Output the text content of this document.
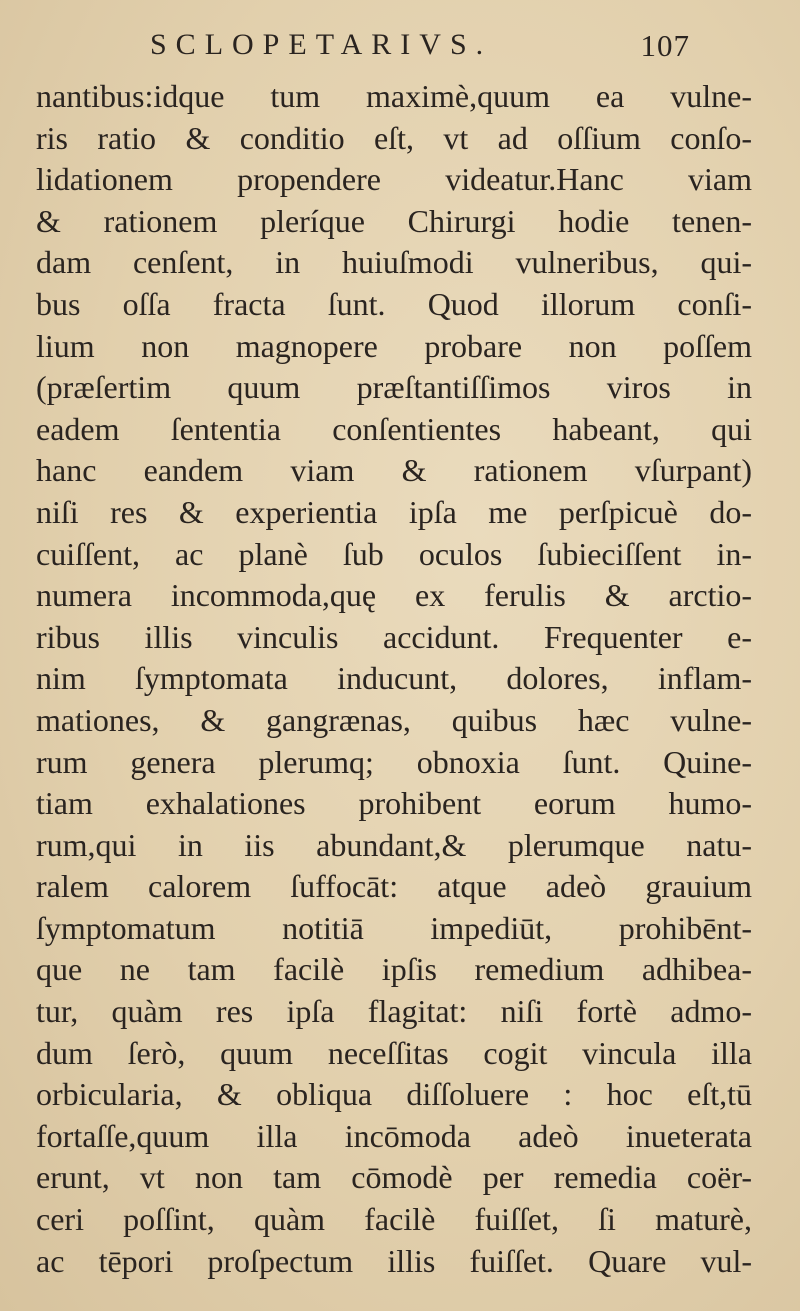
SCLOPETARIVS.	107
nantibus:idque tum maximè,quum ea vulne-
ris ratio & conditio eſt, vt ad oſſium conſo-
lidationem propendere videatur.Hanc viam
& rationem pleríque Chirurgi hodie tenen-
dam cenſent, in huiuſmodi vulneribus, qui-
bus oſſa fracta ſunt. Quod illorum conſi-
lium non magnopere probare non poſſem
(præſertim quum præſtantiſſimos viros in
eadem ſententia conſentientes habeant, qui
hanc eandem viam & rationem vſurpant)
niſi res & experientia ipſa me perſpicuè do-
cuiſſent, ac planè ſub oculos ſubieciſſent in-
numera incommoda,quę ex ferulis & arctio-
ribus illis vinculis accidunt. Frequenter e-
nim ſymptomata inducunt, dolores, inflam-
mationes, & gangrænas, quibus hæc vulne-
rum genera plerumq; obnoxia ſunt. Quine-
tiam exhalationes prohibent eorum humo-
rum,qui in iis abundant,& plerumque natu-
ralem calorem ſuffocāt: atque adeò grauium
ſymptomatum notitiā impediūt, prohibēnt-
que ne tam facilè ipſis remedium adhibea-
tur, quàm res ipſa flagitat: niſi fortè admo-
dum ſerò, quum neceſſitas cogit vincula illa
orbicularia, & obliqua diſſoluere : hoc eſt,tū
fortaſſe,quum illa incōmoda adeò inueterata
erunt, vt non tam cōmodè per remedia coër-
ceri poſſint, quàm facilè fuiſſet, ſi maturè,
ac tēpori proſpectum illis fuiſſet. Quare vul-
